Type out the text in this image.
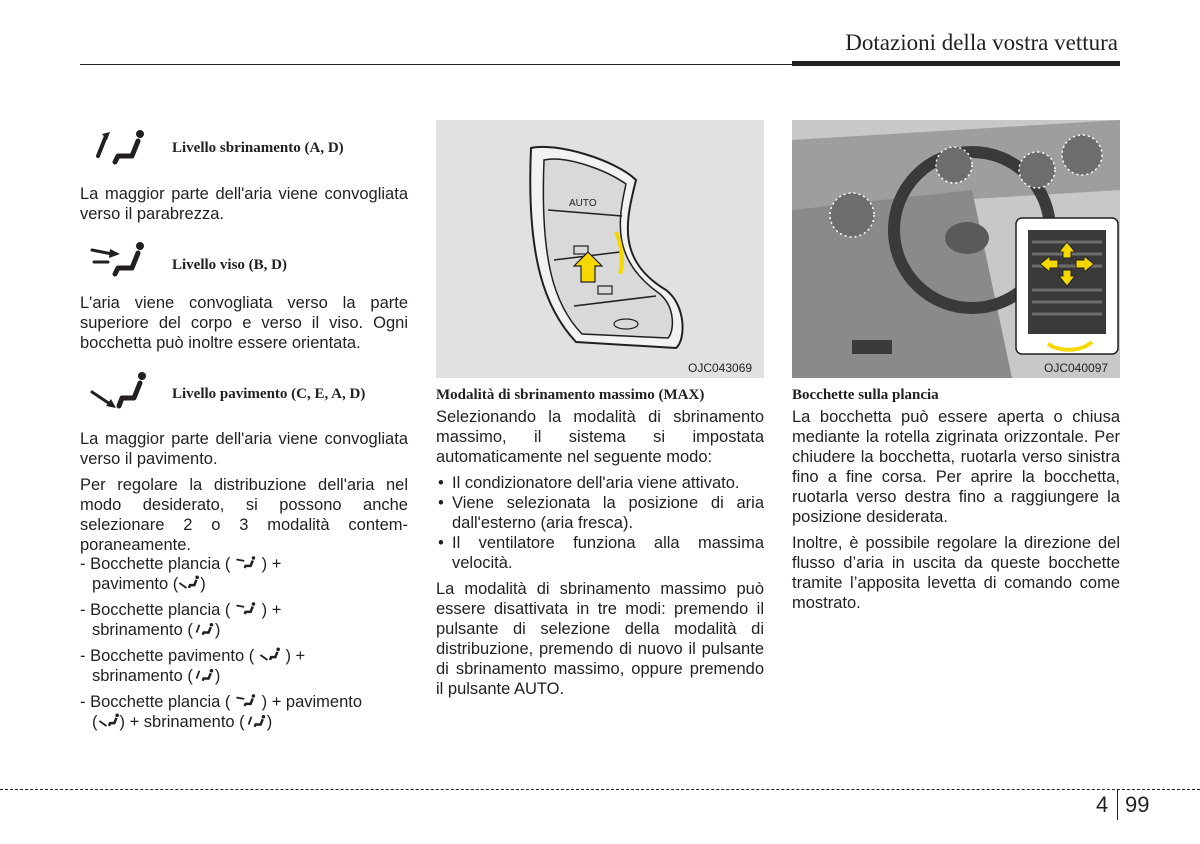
Dotazioni della vostra vettura
Livello sbrinamento (A, D)

La maggior parte dell'aria viene convogliata verso il parabrezza.

Livello viso (B, D)

L'aria viene convogliata verso la parte superiore del corpo e verso il viso. Ogni bocchetta può inoltre essere orientata.

Livello pavimento (C, E, A, D)

La maggior parte dell'aria viene convogliata verso il pavimento.

Per regolare la distribuzione dell'aria nel modo desiderato, si possono anche selezionare 2 o 3 modalità contem-poraneamente.

- Bocchette plancia ( ) +
pavimento ( )
- Bocchette plancia ( ) +
sbrinamento ( )
- Bocchette pavimento ( ) +
sbrinamento ( )
- Bocchette plancia ( ) + pavimento
( ) + sbrinamento ( )
AUTO
OJC043069

Modalità di sbrinamento massimo (MAX)

Selezionando la modalità di sbrinamento massimo, il sistema si impostata automaticamente nel seguente modo:

• Il condizionatore dell'aria viene attivato.
• Viene selezionata la posizione di aria dall'esterno (aria fresca).
• Il ventilatore funziona alla massima velocità.

La modalità di sbrinamento massimo può essere disattivata in tre modi: premendo il pulsante di selezione della modalità di distribuzione, premendo di nuovo il pulsante di sbrinamento massimo, oppure premendo il pulsante AUTO.

OJC040097

Bocchette sulla plancia

La bocchetta può essere aperta o chiusa mediante la rotella zigrinata orizzontale. Per chiudere la bocchetta, ruotarla verso sinistra fino a fine corsa. Per aprire la bocchetta, ruotarla verso destra fino a raggiungere la posizione desiderata.

Inoltre, è possibile regolare la direzione del flusso d’aria in uscita da queste bocchette tramite l’apposita levetta di comando come mostrato.

4 99
